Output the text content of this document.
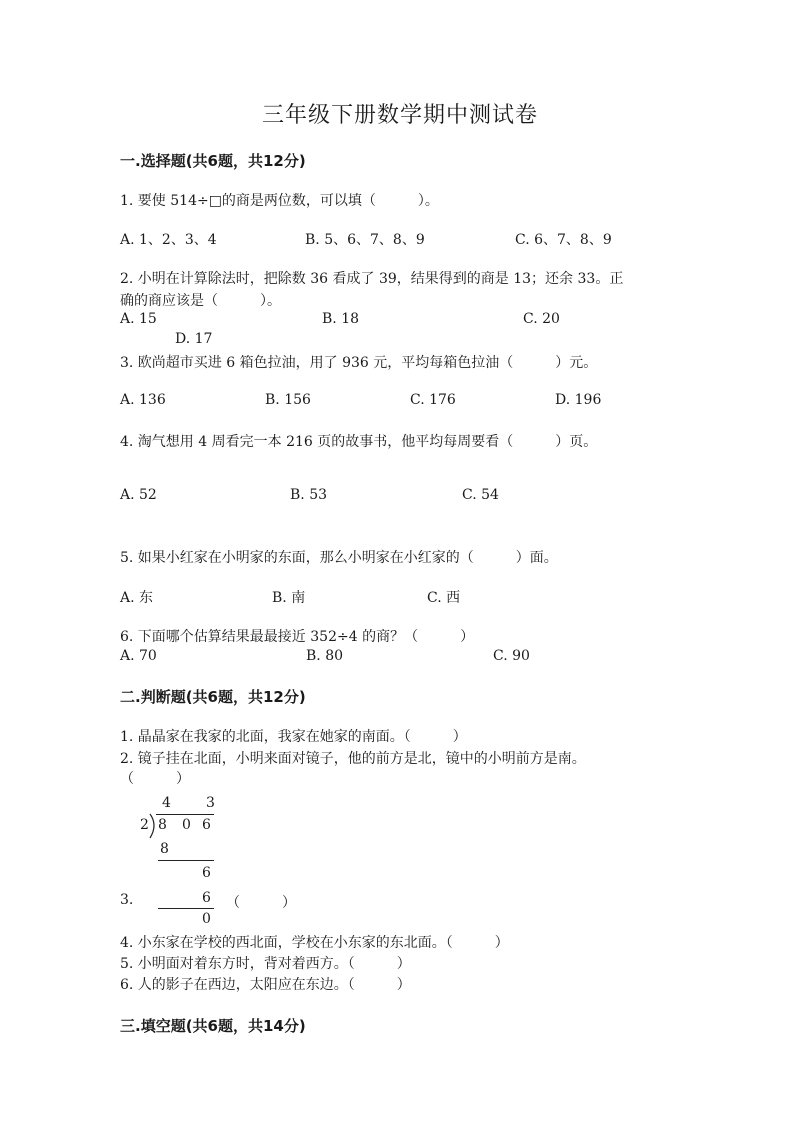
三年级下册数学期中测试卷
一.选择题(共6题，共12分)
1. 要使 514÷□的商是两位数，可以填（　　　）。
A. 1、2、3、4	B. 5、6、7、8、9	C. 6、7、8、9
2. 小明在计算除法时，把除数 36 看成了 39，结果得到的商是 13；还余 33。正
确的商应该是（　　　）。
A. 15	B. 18	C. 20
D. 17
3. 欧尚超市买进 6 箱色拉油，用了 936 元，平均每箱色拉油（　　　）元。
A. 136	B. 156	C. 176	D. 196
4. 淘气想用 4 周看完一本 216 页的故事书，他平均每周要看（　　　）页。
A. 52	B. 53	C. 54
5. 如果小红家在小明家的东面，那么小明家在小红家的（　　　）面。
A. 东	B. 南	C. 西
6. 下面哪个估算结果最最接近 352÷4 的商？（　　　）
A. 70	B. 80	C. 90
二.判断题(共6题，共12分)
1. 晶晶家在我家的北面，我家在她家的南面。（　　　）
2. 镜子挂在北面，小明来面对镜子，他的前方是北，镜中的小明前方是南。
（　　　）
4	3
2 8 0 6
8
6
6
0
3.	（　　　）
4. 小东家在学校的西北面，学校在小东家的东北面。（　　　）
5. 小明面对着东方时，背对着西方。（　　　）
6. 人的影子在西边，太阳应在东边。（　　　）
三.填空题(共6题，共14分)
